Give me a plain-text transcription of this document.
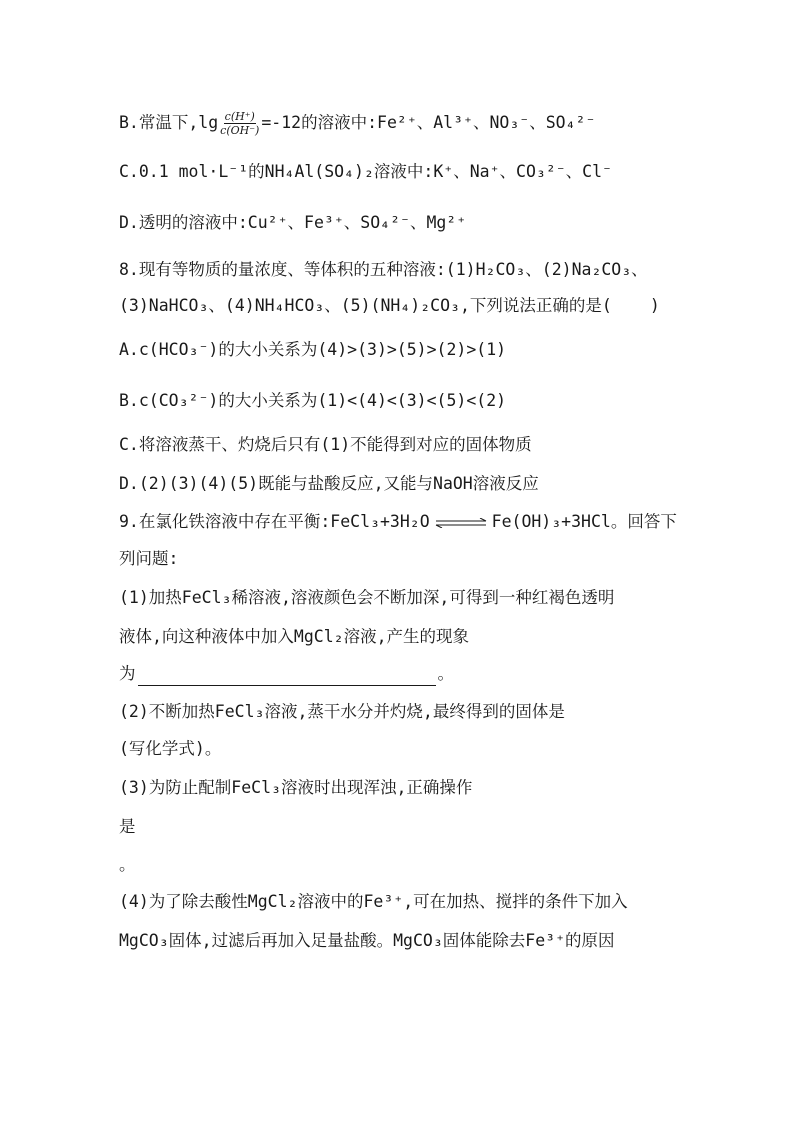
B.常温下$,\lg \frac{c(H^+)}{c(OH^-)} =-12$的溶液中:Fe²⁺、Al³⁺、NO₃⁻、SO₄²⁻
C.0.1 mol·L⁻¹的NH₄Al(SO₄)₂溶液中:K⁺、Na⁺、CO₃²⁻、Cl⁻
D.透明的溶液中:Cu²⁺、Fe³⁺、SO₄²⁻、Mg²⁺
8.现有等物质的量浓度、等体积的五种溶液:(1)H₂CO₃、(2)Na₂CO₃、
(3)NaHCO₃、(4)NH₄HCO₃、(5)(NH₄)₂CO₃,下列说法正确的是( )
A.c(HCO₃⁻)的大小关系为(4)>(3)>(5)>(2)>(1)
B.c(CO₃²⁻)的大小关系为(1)<(4)<(3)<(5)<(2)
C.将溶液蒸干、灼烧后只有(1)不能得到对应的固体物质
D.(2)(3)(4)(5)既能与盐酸反应,又能与NaOH溶液反应
9.在氯化铁溶液中存在平衡:FeCl₃+3H₂O ⇌ Fe(OH)₃+3HCl。回答下
列问题:
(1)加热FeCl₃稀溶液,溶液颜色会不断加深,可得到一种红褐色透明
液体,向这种液体中加入MgCl₂溶液,产生的现象
为	。
(2)不断加热FeCl₃溶液,蒸干水分并灼烧,最终得到的固体是
(写化学式)。
(3)为防止配制FeCl₃溶液时出现浑浊,正确操作
是
。
(4)为了除去酸性MgCl₂溶液中的Fe³⁺,可在加热、搅拌的条件下加入
MgCO₃固体,过滤后再加入足量盐酸。MgCO₃固体能除去Fe³⁺的原因
